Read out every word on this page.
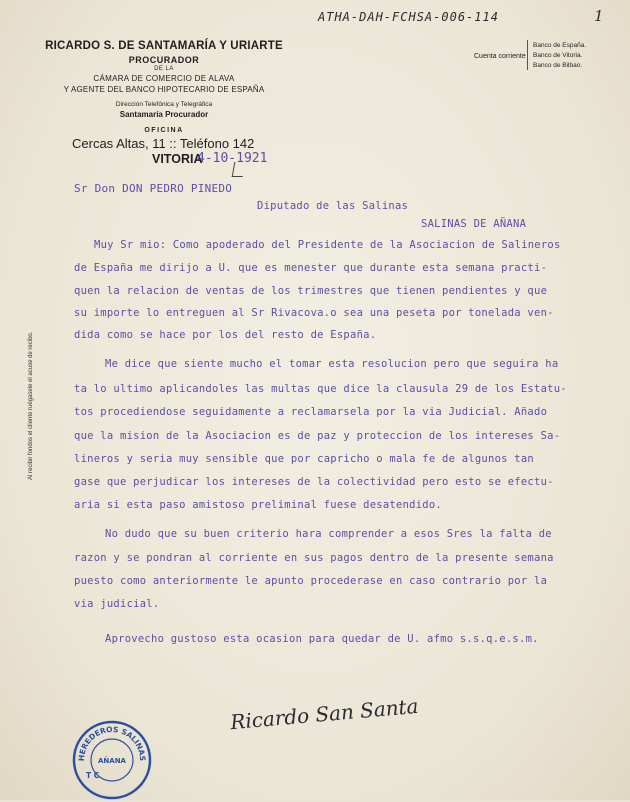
ATHA-DAH-FCHSA-006-114	1
RICARDO S. DE SANTAMARÍA Y URIARTE
PROCURADOR
DE LA
CÁMARA DE COMERCIO DE ALAVA
Y AGENTE DEL BANCO HIPOTECARIO DE ESPAÑA
Dirección Telefónica y Telegráfica
Santamaría Procurador
OFICINA
Cercas Altas, 11 :: Teléfono 142
VITORIA
4-10-1921
Cuenta corriente
Banco de España.
Banco de Vitoria.
Banco de Bilbao.
Al recibir fondos el cliente ruégasele el acuse de recibo.
Sr Don DON PEDRO PINEDO
Diputado de las Salinas
SALINAS DE AÑANA
Muy Sr mio: Como apoderado del Presidente de la Asociacion de Salineros
de España me dirijo a U. que es menester que durante esta semana practi-
quen la relacion de ventas de los trimestres que tienen pendientes y que
su importe lo entreguen al Sr Rivacova.o sea una peseta por tonelada ven-
dida como se hace por los del resto de España.
Me dice que siente mucho el tomar esta resolucion pero que seguira ha
ta lo ultimo aplicandoles las multas que dice la clausula 29 de los Estatu-
tos procediendose seguidamente a reclamarsela por la via Judicial. Añado
que la mision de la Asociacion es de paz y proteccion de los intereses Sa-
lineros y seria muy sensible que por capricho o mala fe de algunos tan
gase que perjudicar los intereses de la colectividad pero esto se efectu-
aria si esta paso amistoso preliminal fuese desatendido.
No dudo que su buen criterio hara comprender a esos Sres la falta de
razon y se pondran al corriente en sus pagos dentro de la presente semana
puesto como anteriormente le apunto procederase en caso contrario por la
via judicial.
Aprovecho gustoso esta ocasion para quedar de U. afmo s.s.q.e.s.m.
Ricardo San Santa
HEREDEROS SALINAS
T C
AÑANA
